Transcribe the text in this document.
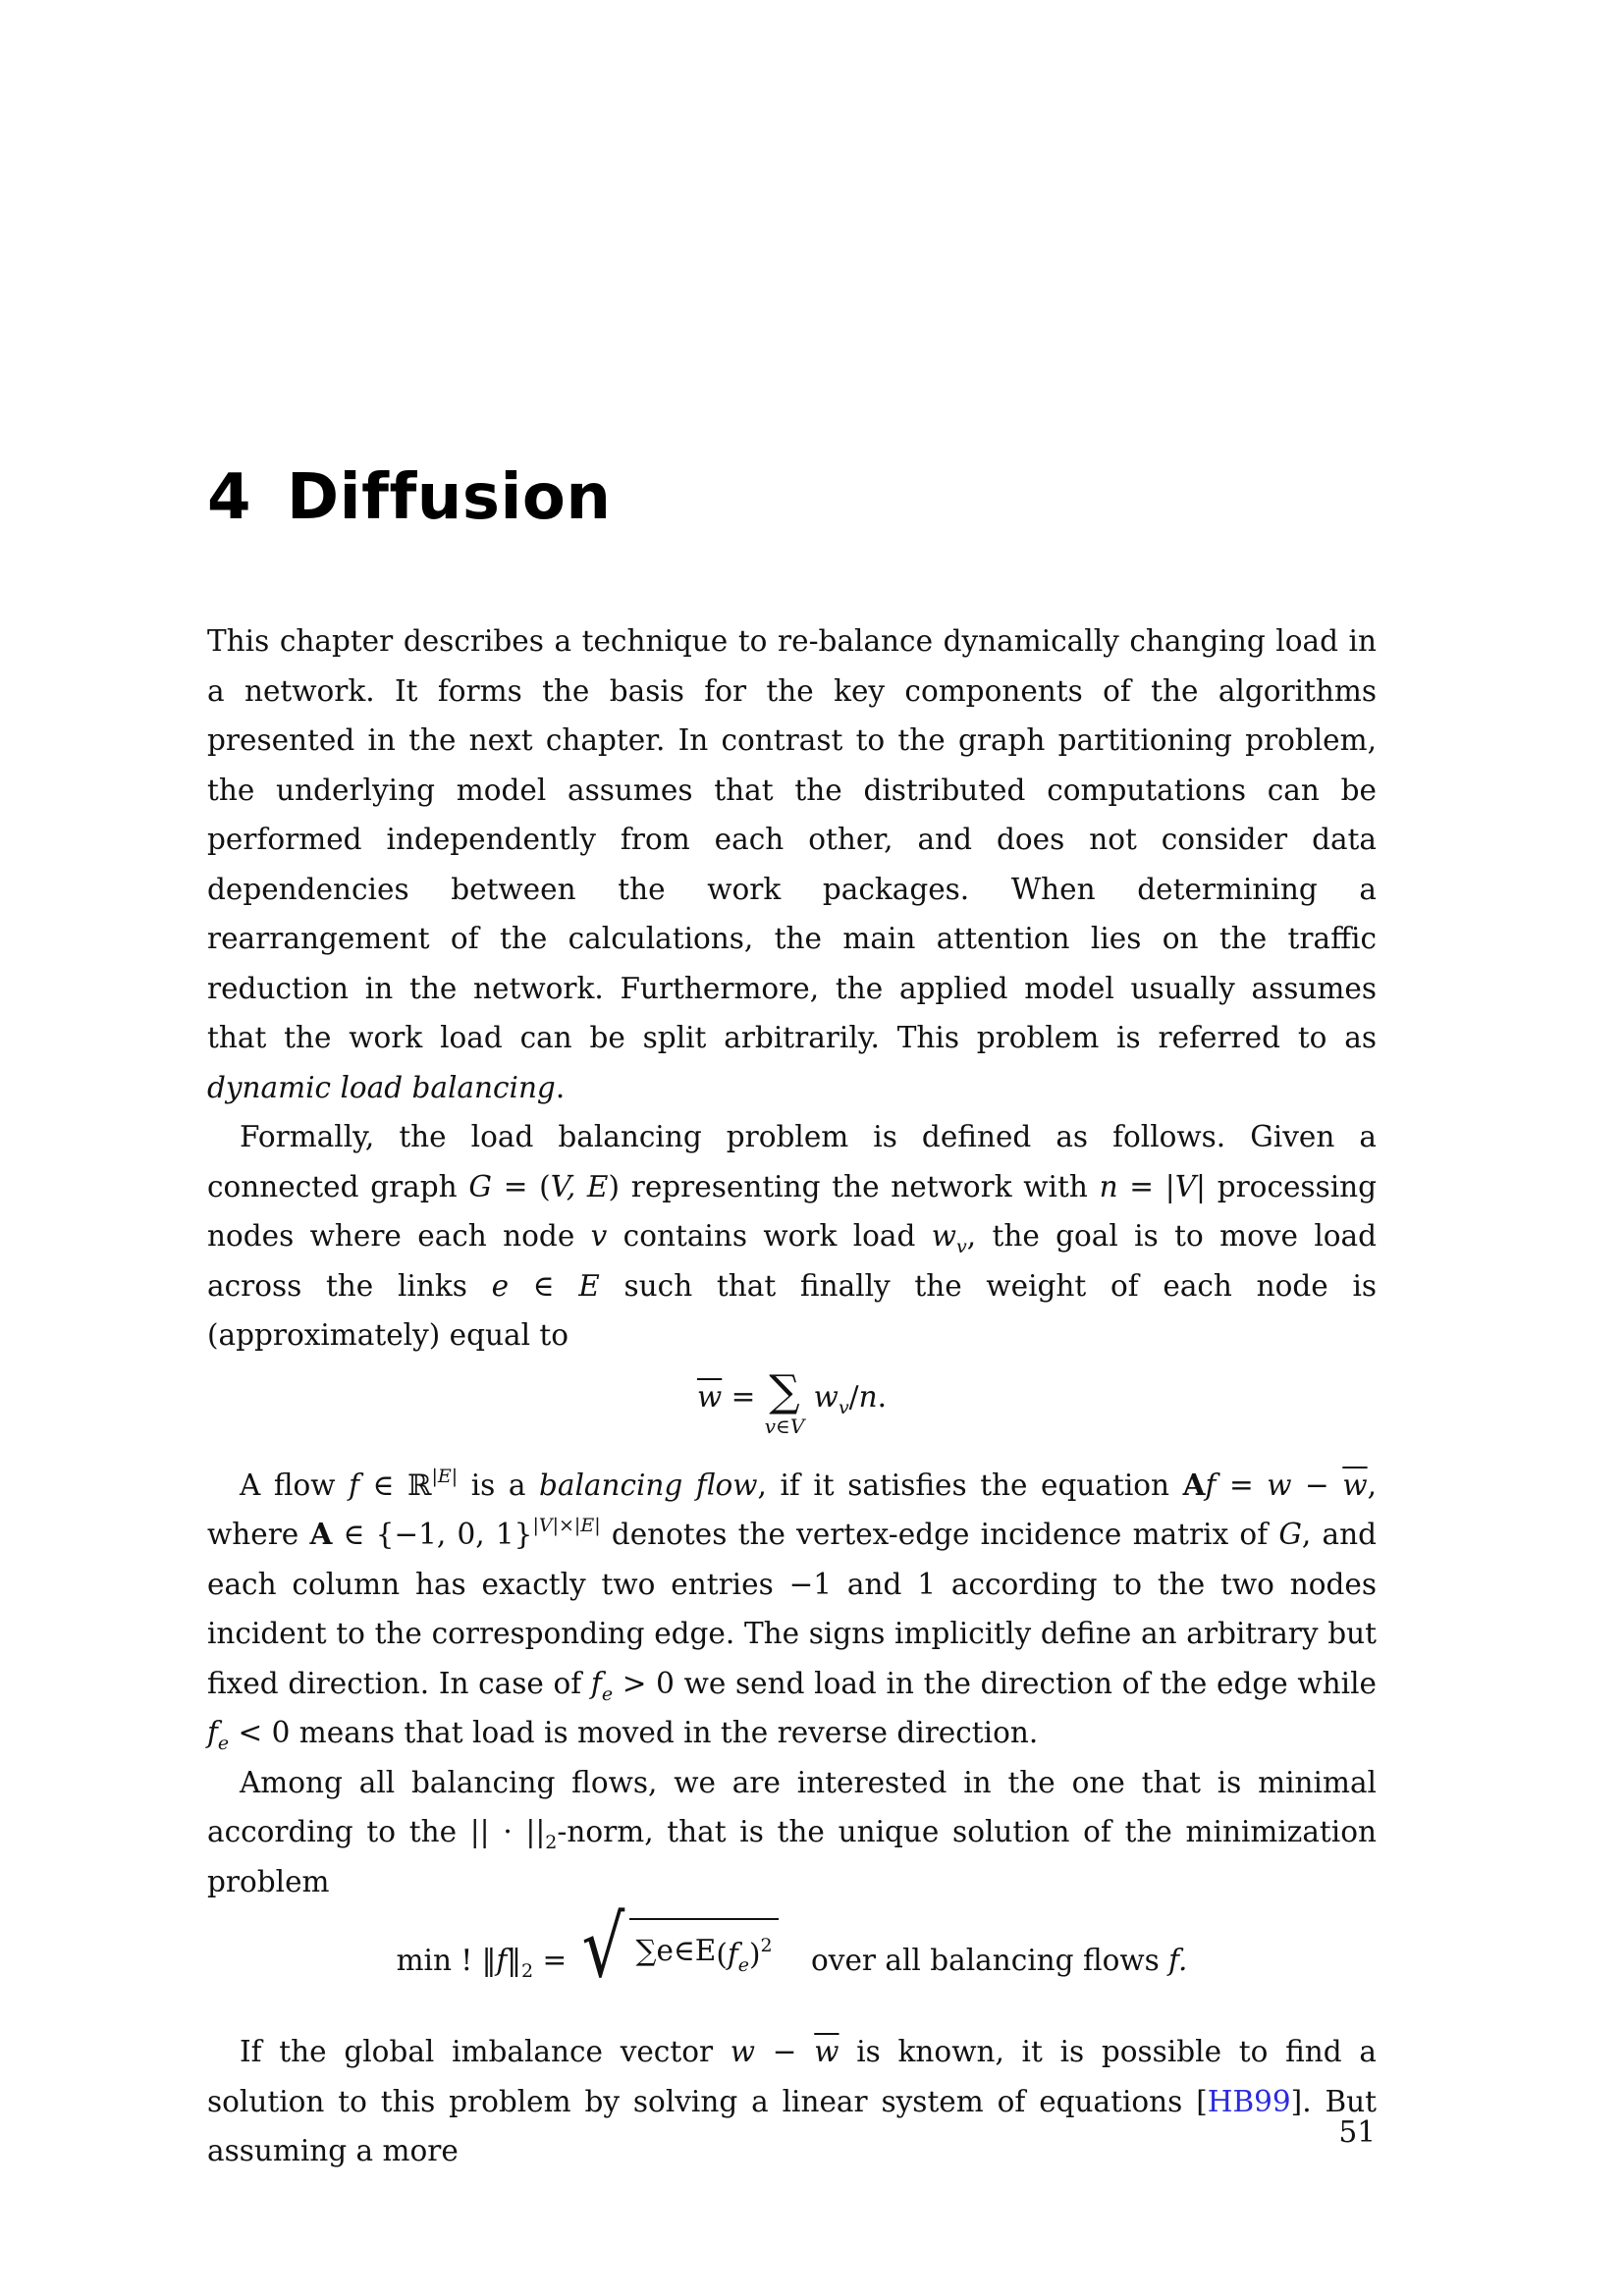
4 Diffusion

This chapter describes a technique to re-balance dynamically changing load in a network. It forms the basis for the key components of the algorithms presented in the next chapter. In contrast to the graph partitioning problem, the underlying model assumes that the distributed computations can be performed independently from each other, and does not consider data dependencies between the work packages. When determining a rearrangement of the calculations, the main attention lies on the traffic reduction in the network. Furthermore, the applied model usually assumes that the work load can be split arbitrarily. This problem is referred to as dynamic load balancing.

Formally, the load balancing problem is defined as follows. Given a connected graph G = (V, E) representing the network with n = |V| processing nodes where each node v contains work load $w_v$, the goal is to move load across the links e ∈ E such that finally the weight of each node is (approximately) equal to

$\overline{w}$ = ∑
v∈V
$w_v/n$.

A flow f ∈ ℝ$^{|E|}$ is a balancing flow, if it satisfies the equation $Af = w - \overline{w}$, where A ∈ {−1, 0, 1}$^{|V|\times|E|}$ denotes the vertex-edge incidence matrix of G, and each column has exactly two entries −1 and 1 according to the two nodes incident to the corresponding edge. The signs implicitly define an arbitrary but fixed direction. In case of $f_e > 0$ we send load in the direction of the edge while $f_e < 0$ means that load is moved in the reverse direction.

Among all balancing flows, we are interested in the one that is minimal according to the || · $||_2$-norm, that is the unique solution of the minimization problem

min ! $‖f‖_2$ = √ $\sum e\in E(f_e)^2$ over all balancing flows f.

If the global imbalance vector $w - \overline{w}$ is known, it is possible to find a solution to this problem by solving a linear system of equations [HB99]. But assuming a more

51
